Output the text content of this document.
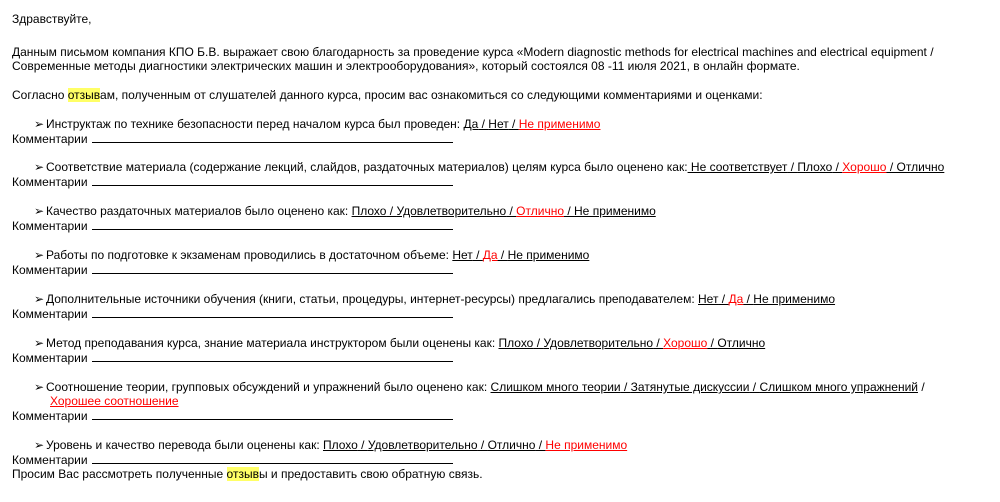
Здравствуйте,
Данным письмом компания КПО Б.В. выражает свою благодарность за проведение курса «Modern diagnostic methods for electrical machines and electrical equipment /
Современные методы диагностики электрических машин и электрооборудования», который состоялся 08 -11 июля 2021, в онлайн формате.
Согласно отзывам, полученным от слушателей данного курса, просим вас ознакомиться со следующими комментариями и оценками:
➢ Инструктаж по технике безопасности перед началом курса был проведен: Да / Нет / Не применимо
Комментарии
➢ Соответствие материала (содержание лекций, слайдов, раздаточных материалов) целям курса было оценено как: Не соответствует / Плохо / Хорошо / Отлично
Комментарии
➢ Качество раздаточных материалов было оценено как: Плохо / Удовлетворительно / Отлично / Не применимо
Комментарии
➢ Работы по подготовке к экзаменам проводились в достаточном объеме: Нет / Да / Не применимо
Комментарии
➢ Дополнительные источники обучения (книги, статьи, процедуры, интернет-ресурсы) предлагались преподавателем: Нет / Да / Не применимо
Комментарии
➢ Метод преподавания курса, знание материала инструктором были оценены как: Плохо / Удовлетворительно / Хорошо / Отлично
Комментарии
➢ Соотношение теории, групповых обсуждений и упражнений было оценено как: Слишком много теории / Затянутые дискуссии / Слишком много упражнений /
Хорошее соотношение
Комментарии
➢ Уровень и качество перевода были оценены как: Плохо / Удовлетворительно / Отлично / Не применимо
Комментарии
Просим Вас рассмотреть полученные отзывы и предоставить свою обратную связь.
